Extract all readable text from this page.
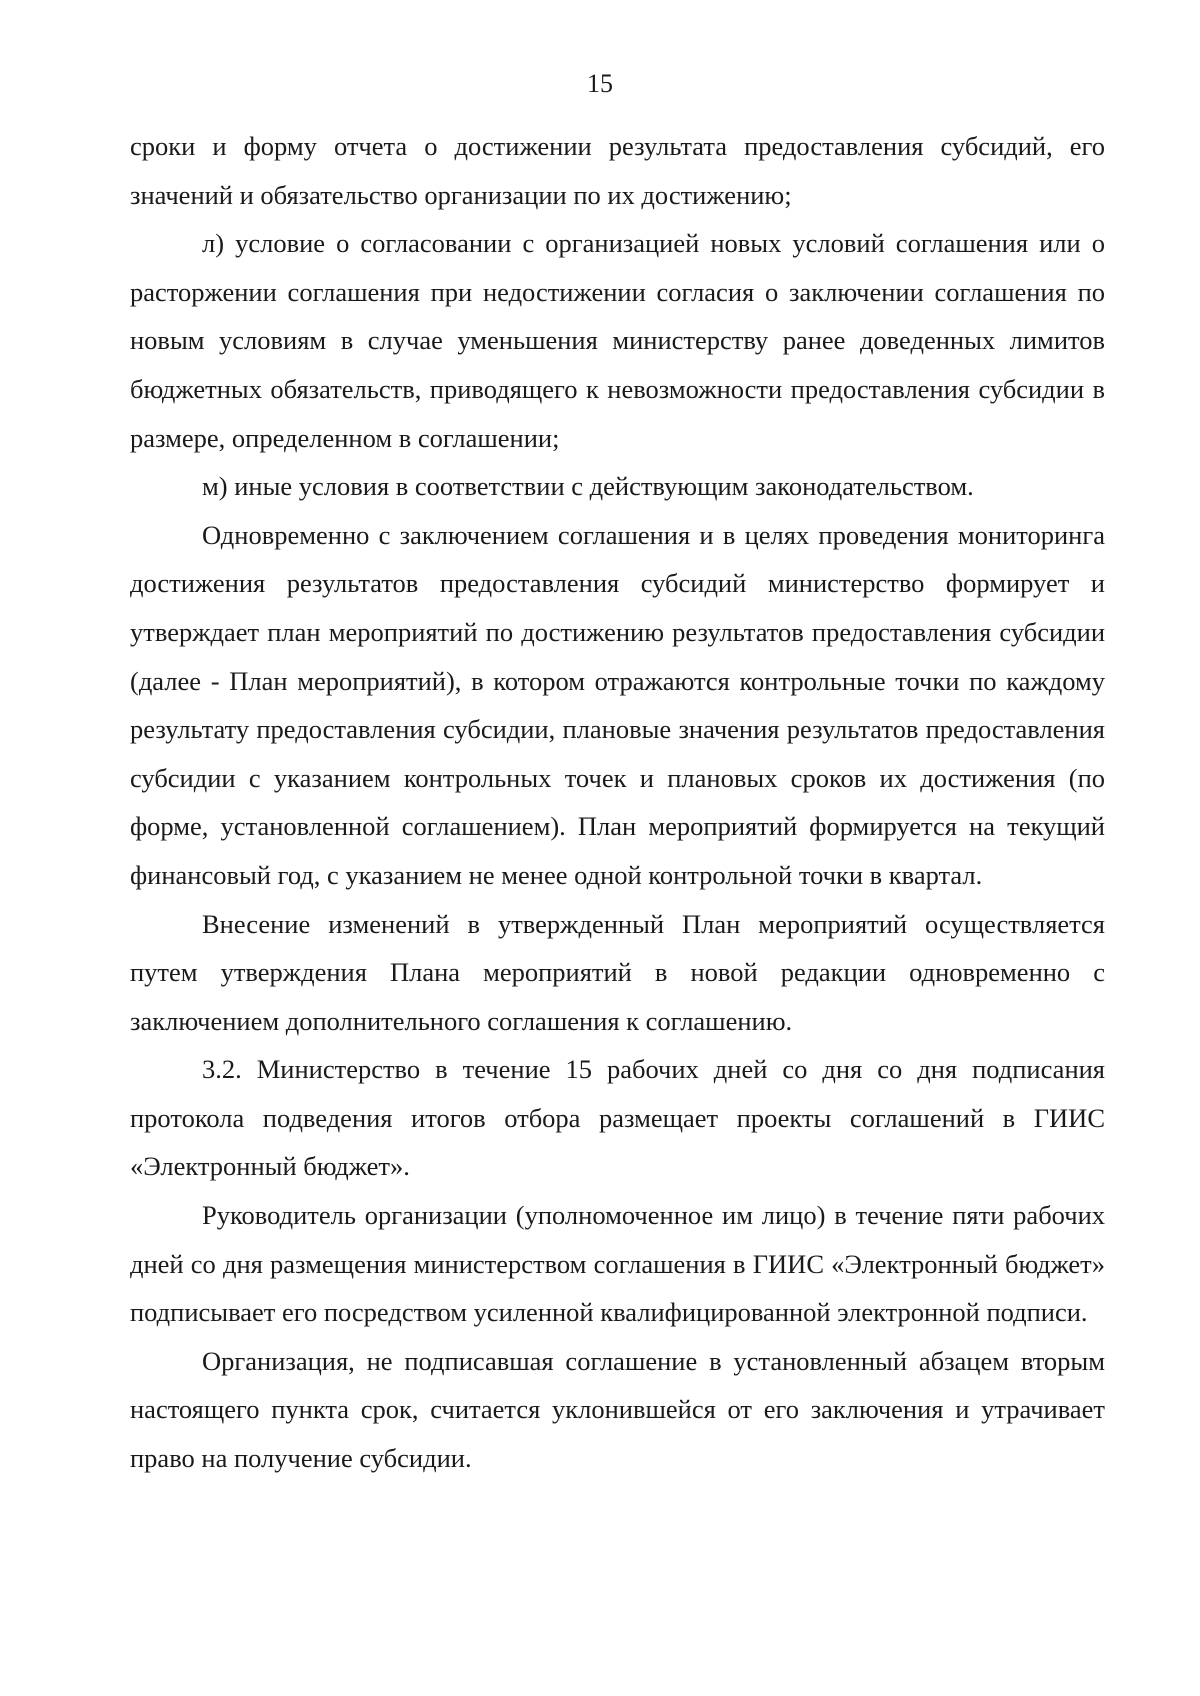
15

сроки и форму отчета о достижении результата предоставления субсидий, его значений и обязательство организации по их достижению;

л) условие о согласовании с организацией новых условий соглашения или о расторжении соглашения при недостижении согласия о заключении соглашения по новым условиям в случае уменьшения министерству ранее доведенных лимитов бюджетных обязательств, приводящего к невозможности предоставления субсидии в размере, определенном в соглашении;

м) иные условия в соответствии с действующим законодательством.

Одновременно с заключением соглашения и в целях проведения мониторинга достижения результатов предоставления субсидий министерство формирует и утверждает план мероприятий по достижению результатов предоставления субсидии (далее - План мероприятий), в котором отражаются контрольные точки по каждому результату предоставления субсидии, плановые значения результатов предоставления субсидии с указанием контрольных точек и плановых сроков их достижения (по форме, установленной соглашением). План мероприятий формируется на текущий финансовый год, с указанием не менее одной контрольной точки в квартал.

Внесение изменений в утвержденный План мероприятий осуществляется путем утверждения Плана мероприятий в новой редакции одновременно с заключением дополнительного соглашения к соглашению.

3.2. Министерство в течение 15 рабочих дней со дня со дня подписания протокола подведения итогов отбора размещает проекты соглашений в ГИИС «Электронный бюджет».

Руководитель организации (уполномоченное им лицо) в течение пяти рабочих дней со дня размещения министерством соглашения в ГИИС «Электронный бюджет» подписывает его посредством усиленной квалифицированной электронной подписи.

Организация, не подписавшая соглашение в установленный абзацем вторым настоящего пункта срок, считается уклонившейся от его заключения и утрачивает право на получение субсидии.
